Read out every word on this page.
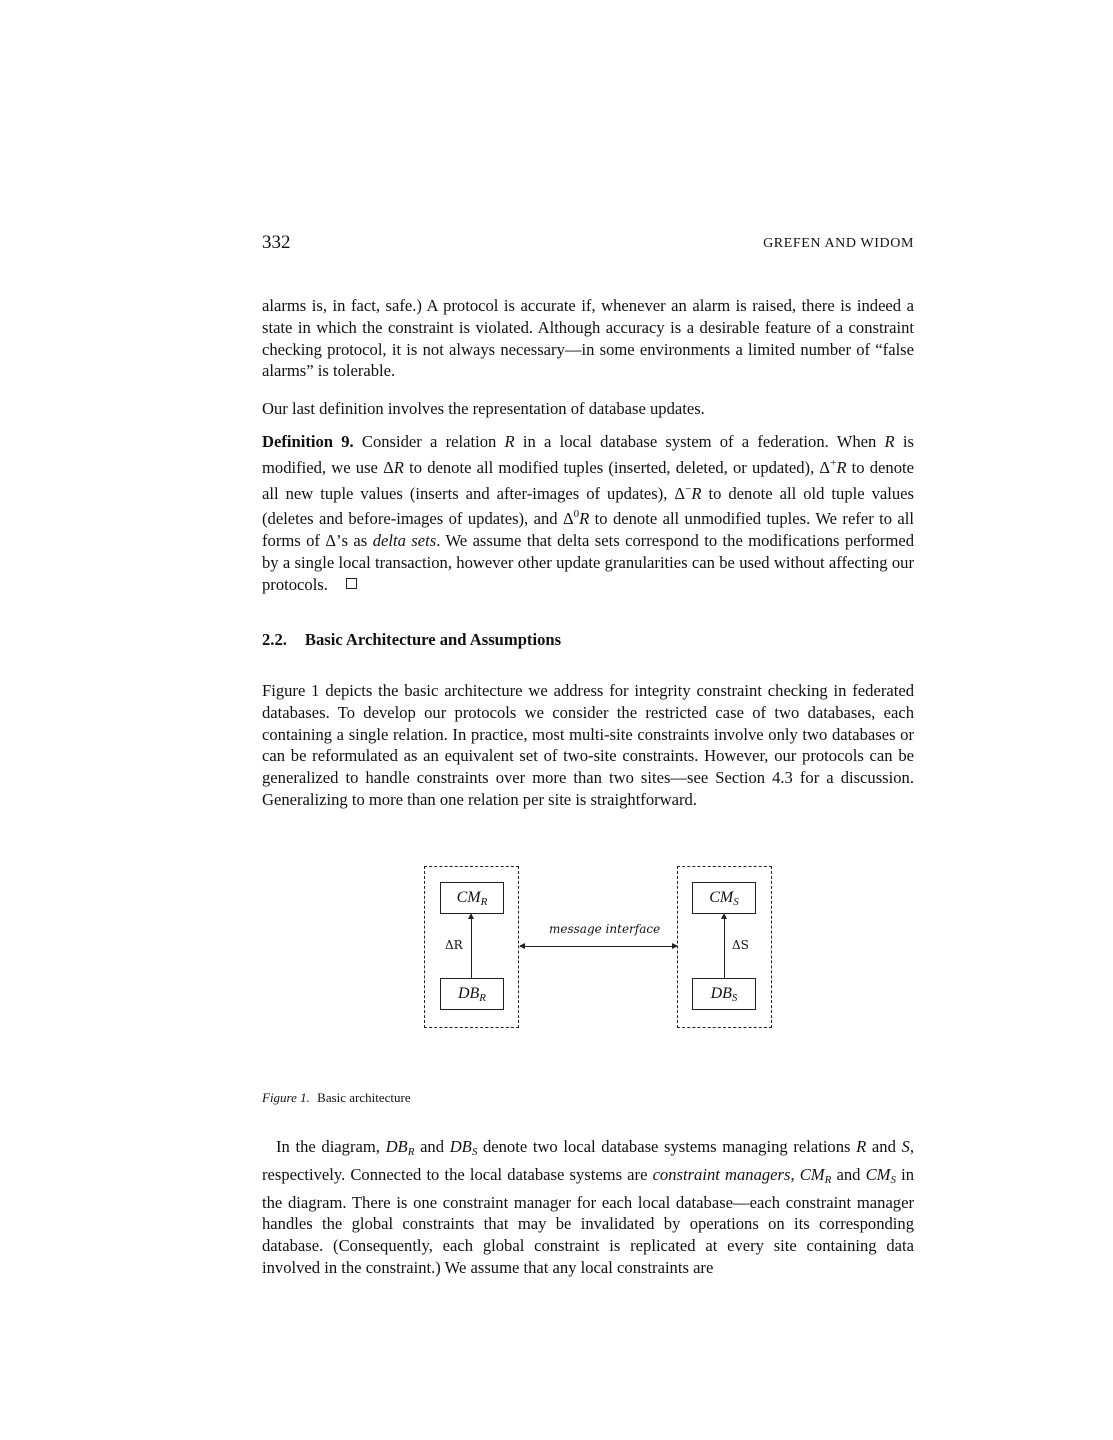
332	GREFEN AND WIDOM

alarms is, in fact, safe.) A protocol is accurate if, whenever an alarm is raised, there is indeed a state in which the constraint is violated. Although accuracy is a desirable feature of a constraint checking protocol, it is not always necessary—in some environments a limited number of “false alarms” is tolerable.

Our last definition involves the representation of database updates.

Definition 9. Consider a relation R in a local database system of a federation. When R is modified, we use ΔR to denote all modified tuples (inserted, deleted, or updated), Δ+R to denote all new tuple values (inserts and after-images of updates), Δ−R to denote all old tuple values (deletes and before-images of updates), and $\Delta^0R$ to denote all unmodified tuples. We refer to all forms of Δ’s as delta sets. We assume that delta sets correspond to the modifications performed by a single local transaction, however other update granularities can be used without affecting our protocols.

2.2. Basic Architecture and Assumptions

Figure 1 depicts the basic architecture we address for integrity constraint checking in federated databases. To develop our protocols we consider the restricted case of two databases, each containing a single relation. In practice, most multi-site constraints involve only two databases or can be reformulated as an equivalent set of two-site constraints. However, our protocols can be generalized to handle constraints over more than two sites—see Section 4.3 for a discussion. Generalizing to more than one relation per site is straightforward.

$CM_R$
$DB_R$
ΔR
$CM_S$
$DB_S$
ΔS
message interface
Figure 1. Basic architecture

In the diagram, $DB_R$ and $DB_S$ denote two local database systems managing relations R and S, respectively. Connected to the local database systems are constraint managers, $CM_R$ and $CM_S$ in the diagram. There is one constraint manager for each local database—each constraint manager handles the global constraints that may be invalidated by operations on its corresponding database. (Consequently, each global constraint is replicated at every site containing data involved in the constraint.) We assume that any local constraints are
